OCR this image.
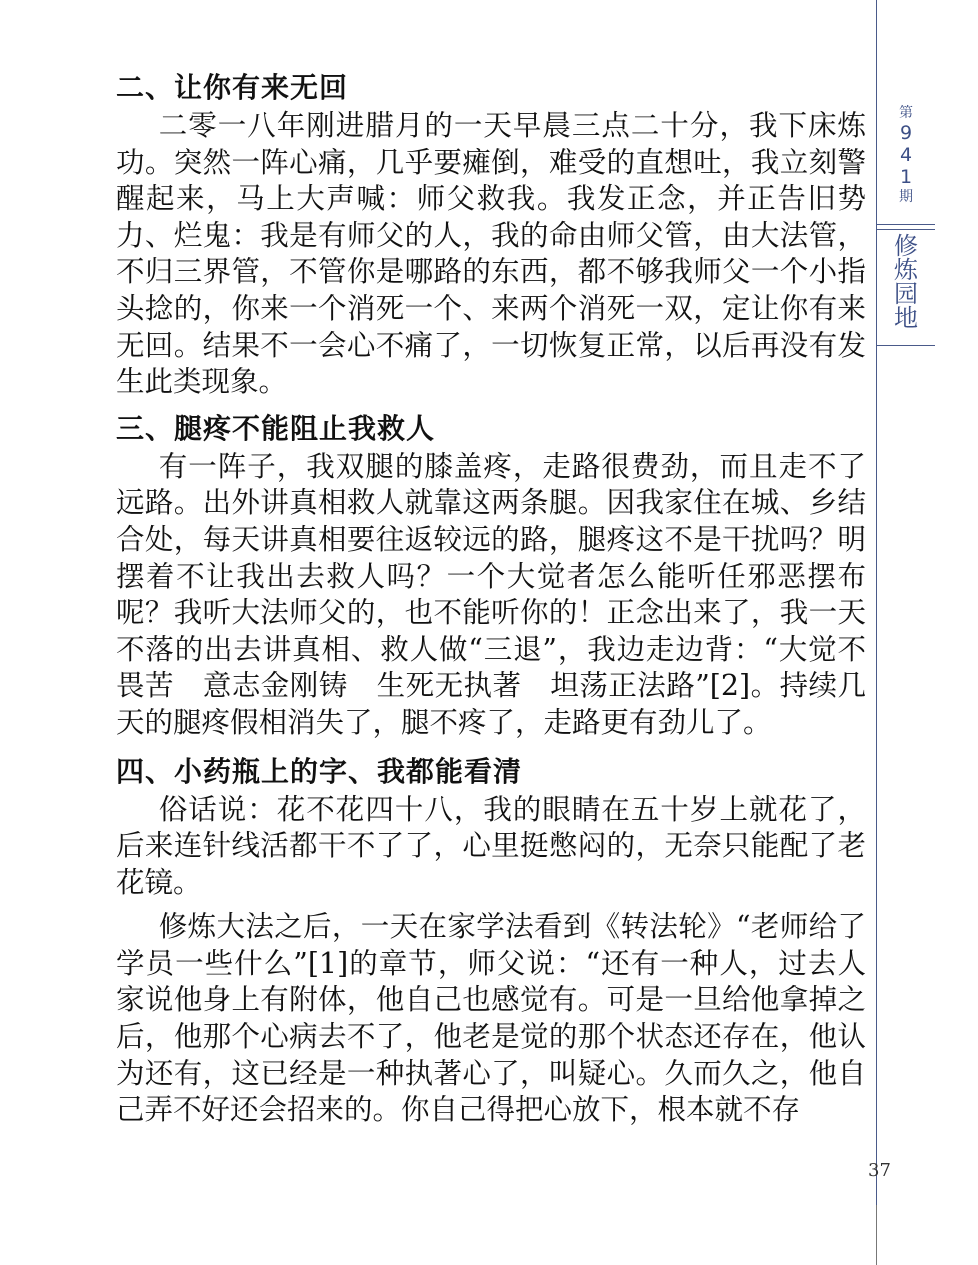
二、让你有来无回

二零一八年刚进腊月的一天早晨三点二十分，我下床炼功。突然一阵心痛，几乎要瘫倒，难受的直想吐，我立刻警醒起来，马上大声喊：师父救我。我发正念，并正告旧势力、烂鬼：我是有师父的人，我的命由师父管，由大法管，不归三界管，不管你是哪路的东西，都不够我师父一个小指头捻的，你来一个消死一个、来两个消死一双，定让你有来无回。结果不一会心不痛了，一切恢复正常，以后再没有发生此类现象。

三、腿疼不能阻止我救人

有一阵子，我双腿的膝盖疼，走路很费劲，而且走不了远路。出外讲真相救人就靠这两条腿。因我家住在城、乡结合处，每天讲真相要往返较远的路，腿疼这不是干扰吗？明摆着不让我出去救人吗？一个大觉者怎么能听任邪恶摆布呢？我听大法师父的，也不能听你的！正念出来了，我一天不落的出去讲真相、救人做“三退”，我边走边背：“大觉不畏苦　意志金刚铸　生死无执著　坦荡正法路”[2]。持续几天的腿疼假相消失了，腿不疼了，走路更有劲儿了。

四、小药瓶上的字、我都能看清

俗话说：花不花四十八，我的眼睛在五十岁上就花了，后来连针线活都干不了了，心里挺憋闷的，无奈只能配了老花镜。

修炼大法之后，一天在家学法看到《转法轮》“老师给了学员一些什么”[1]的章节，师父说：“还有一种人，过去人家说他身上有附体，他自己也感觉有。可是一旦给他拿掉之后，他那个心病去不了，他老是觉的那个状态还存在，他认为还有，这已经是一种执著心了，叫疑心。久而久之，他自己弄不好还会招来的。你自己得把心放下，根本就不存

第
9
4
1
期
修
炼
园
地
37
